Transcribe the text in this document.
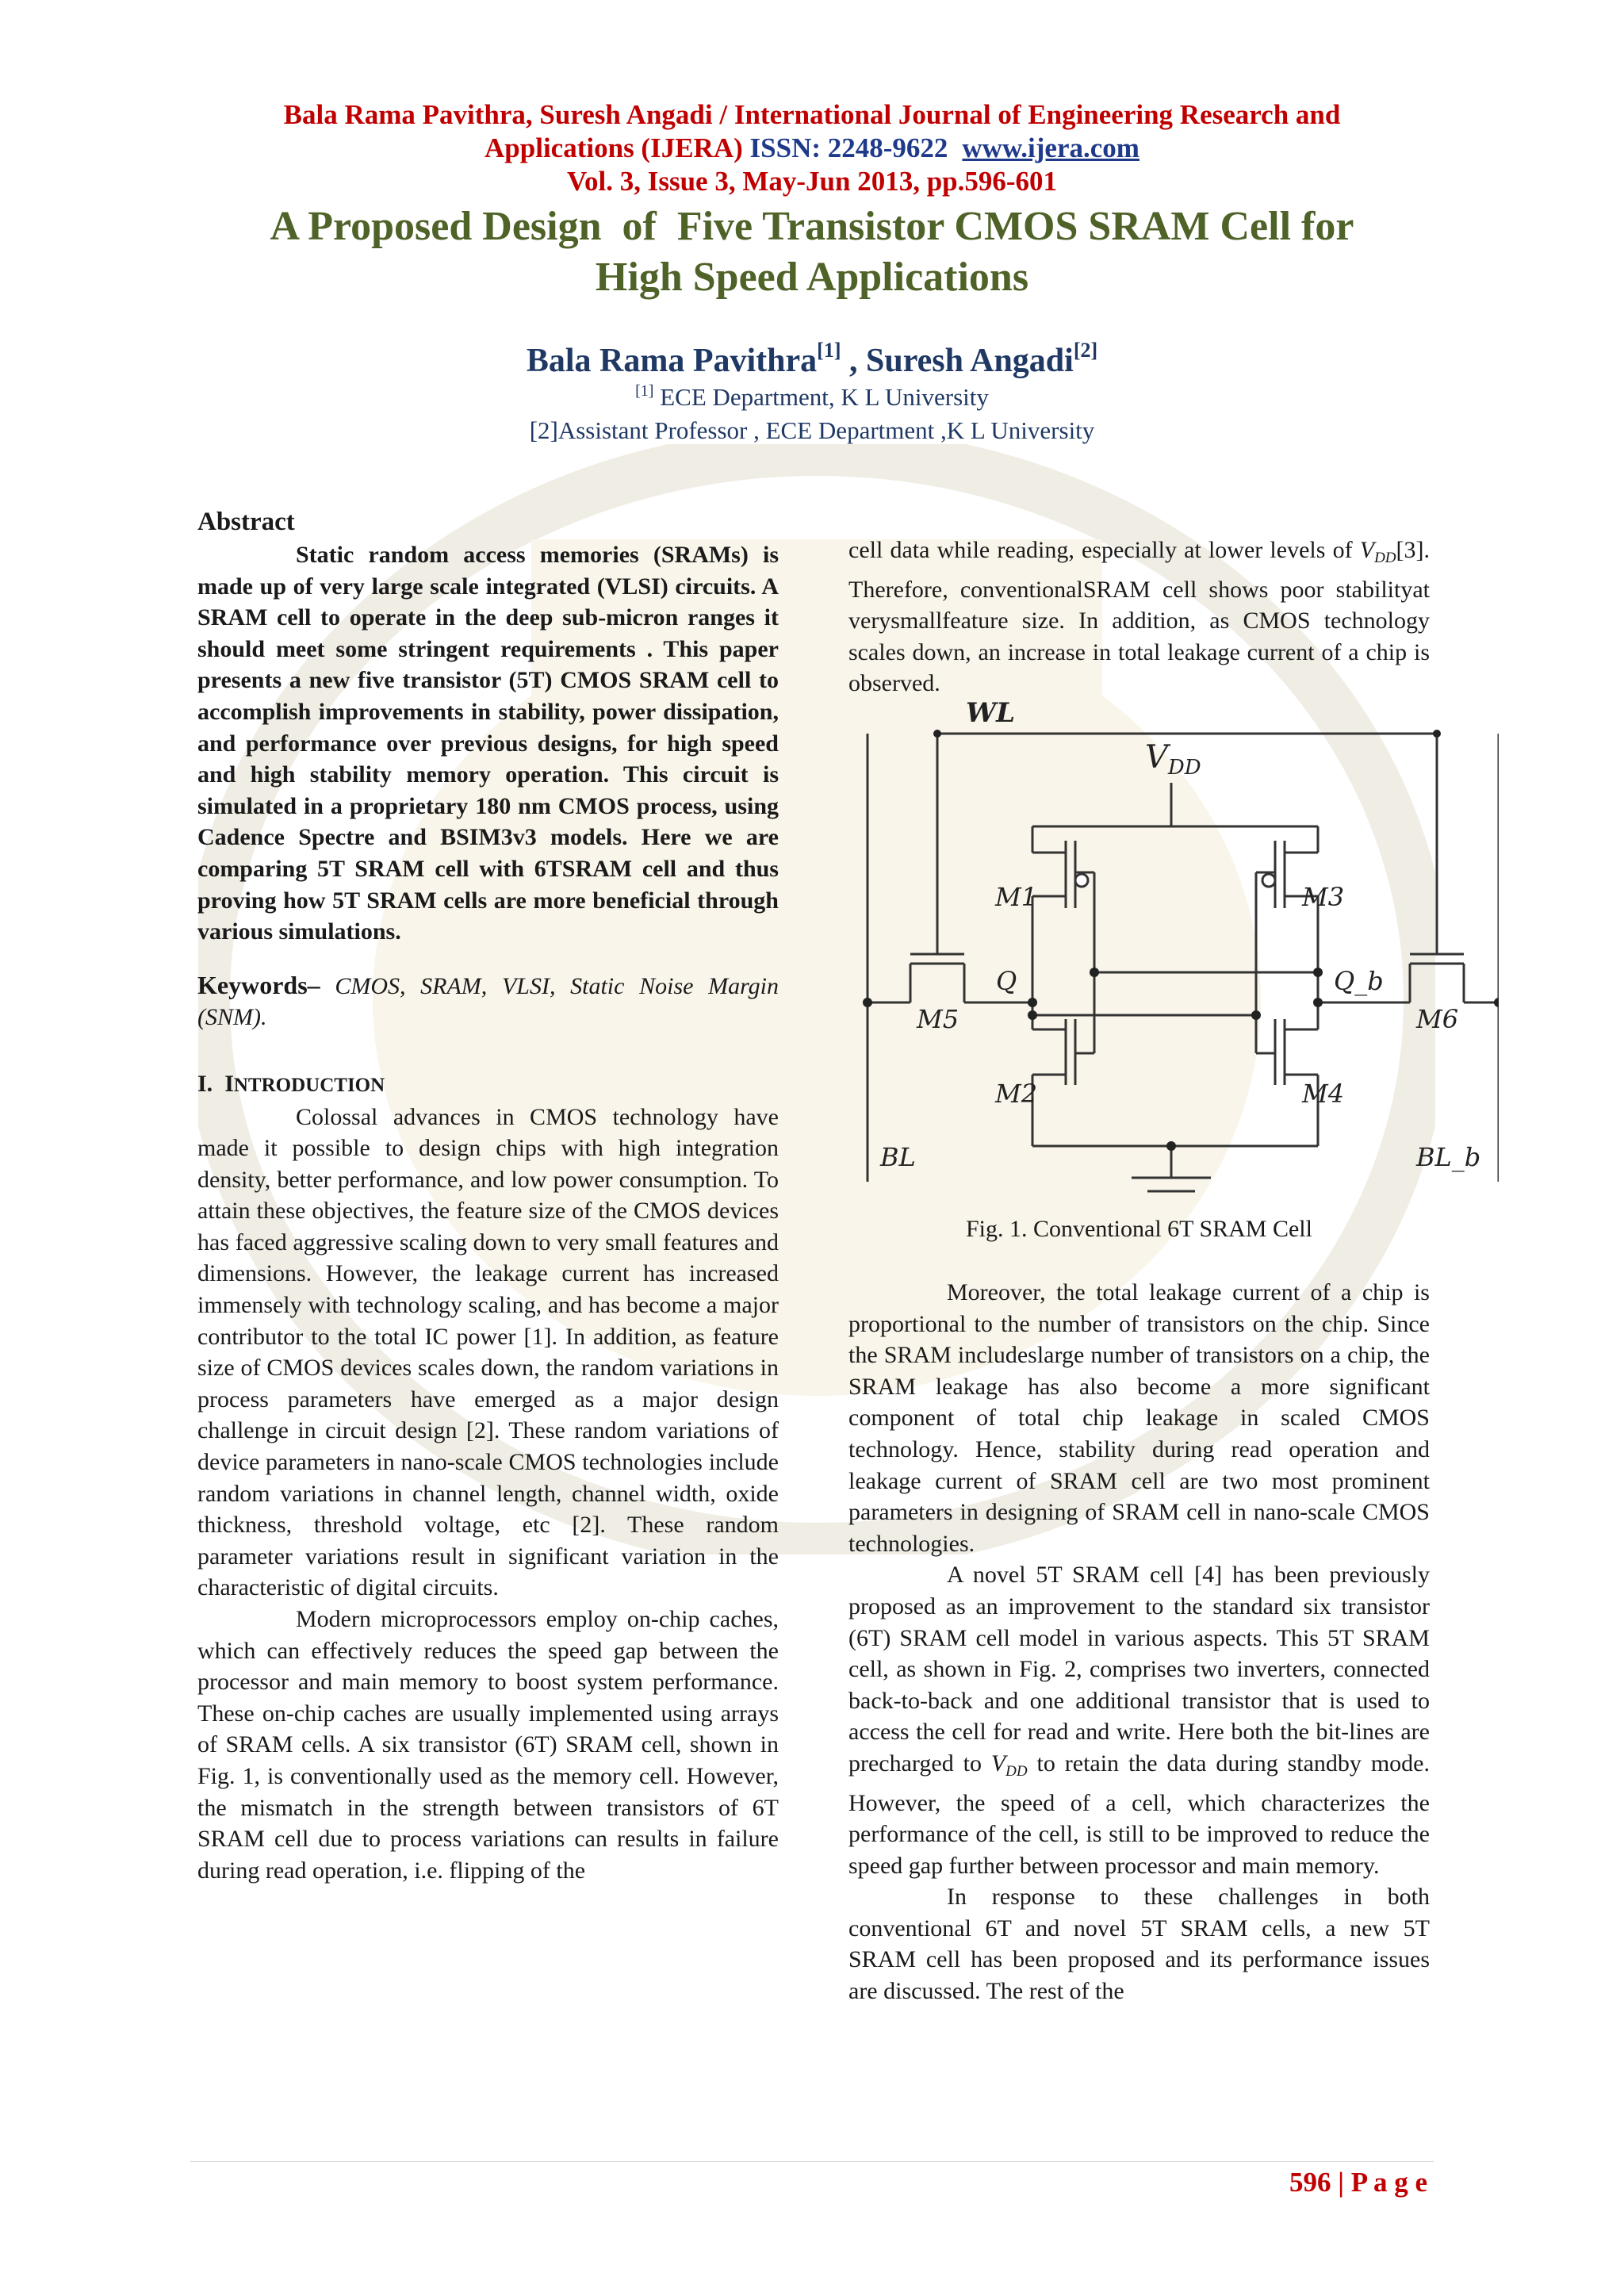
Bala Rama Pavithra, Suresh Angadi / International Journal of Engineering Research and
Applications (IJERA) ISSN: 2248-9622 www.ijera.com
Vol. 3, Issue 3, May-Jun 2013, pp.596-601
A Proposed Design  of  Five Transistor CMOS SRAM Cell for
High Speed Applications
Bala Rama Pavithra[1] , Suresh Angadi[2]
[1] ECE Department, K L University
[2]Assistant Professor , ECE Department ,K L University
Abstract

Static random access memories (SRAMs) is made up of very large scale integrated (VLSI) circuits. A SRAM cell to operate in the deep sub-micron ranges it should meet some stringent requirements . This paper presents a new five transistor (5T) CMOS SRAM cell to accomplish improvements in stability, power dissipation, and performance over previous designs, for high speed and high stability memory operation. This circuit is simulated in a proprietary 180 nm CMOS process, using Cadence Spectre and BSIM3v3 models. Here we are comparing 5T SRAM cell with 6TSRAM cell and thus proving how 5T SRAM cells are more beneficial through various simulations.

Keywords– CMOS, SRAM, VLSI, Static Noise Margin (SNM).

I. INTRODUCTION

Colossal advances in CMOS technology have made it possible to design chips with high integration density, better performance, and low power consumption. To attain these objectives, the feature size of the CMOS devices has faced aggressive scaling down to very small features and dimensions. However, the leakage current has increased immensely with technology scaling, and has become a major contributor to the total IC power [1]. In addition, as feature size of CMOS devices scales down, the random variations in process parameters have emerged as a major design challenge in circuit design [2]. These random variations of device parameters in nano-scale CMOS technologies include random variations in channel length, channel width, oxide thickness, threshold voltage, etc [2]. These random parameter variations result in significant variation in the characteristic of digital circuits.

Modern microprocessors employ on-chip caches, which can effectively reduces the speed gap between the processor and main memory to boost system performance. These on-chip caches are usually implemented using arrays of SRAM cells. A six transistor (6T) SRAM cell, shown in Fig. 1, is conventionally used as the memory cell. However, the mismatch in the strength between transistors of 6T SRAM cell due to process variations can results in failure during read operation, i.e. flipping of the

cell data while reading, especially at lower levels of $V_{DD}[3]$. Therefore, conventionalSRAM cell shows poor stabilityat verysmallfeature size. In addition, as CMOS technology scales down, an increase in total leakage current of a chip is observed.

WL
$V_{DD}$
M1	M3
M2	M4
M5	M6
Q	Q_b
BL	BL_b
Fig. 1. Conventional 6T SRAM Cell

Moreover, the total leakage current of a chip is proportional to the number of transistors on the chip. Since the SRAM includeslarge number of transistors on a chip, the SRAM leakage has also become a more significant component of total chip leakage in scaled CMOS technology. Hence, stability during read operation and leakage current of SRAM cell are two most prominent parameters in designing of SRAM cell in nano-scale CMOS technologies.

A novel 5T SRAM cell [4] has been previously proposed as an improvement to the standard six transistor (6T) SRAM cell model in various aspects. This 5T SRAM cell, as shown in Fig. 2, comprises two inverters, connected back-to-back and one additional transistor that is used to access the cell for read and write. Here both the bit-lines are precharged to $V_{DD}$ to retain the data during standby mode. However, the speed of a cell, which characterizes the performance of the cell, is still to be improved to reduce the speed gap further between processor and main memory.

In response to these challenges in both conventional 6T and novel 5T SRAM cells, a new 5T SRAM cell has been proposed and its performance issues are discussed. The rest of the

596 | P a g e
